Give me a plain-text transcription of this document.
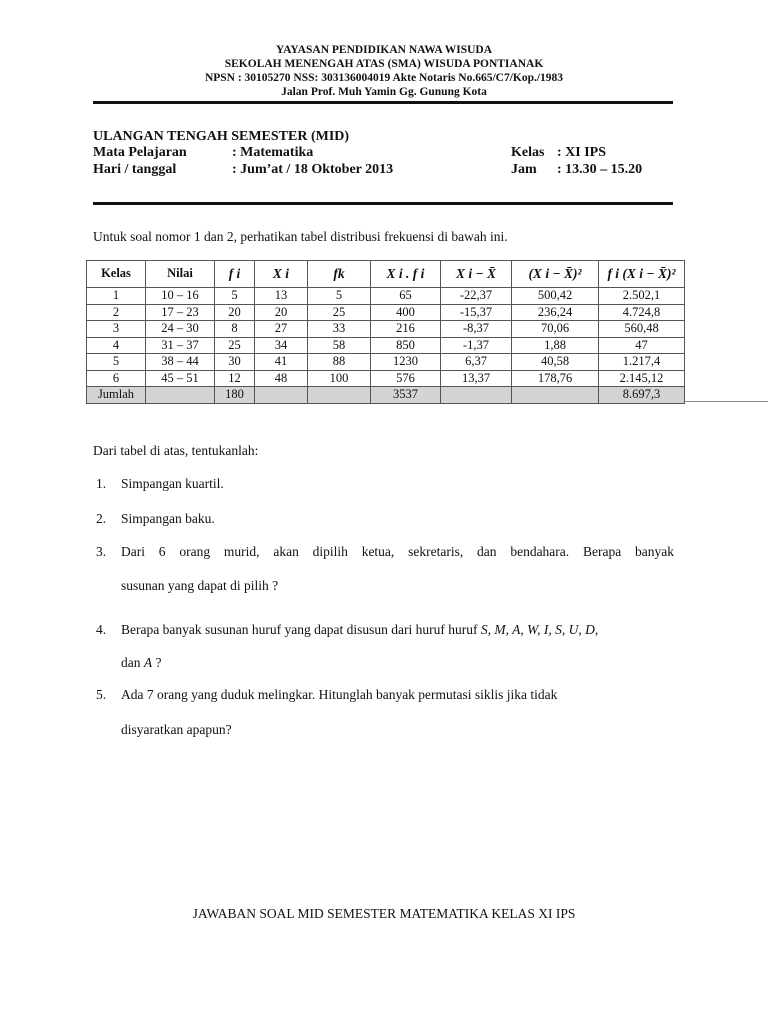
YAYASAN PENDIDIKAN NAWA WISUDA
SEKOLAH MENENGAH ATAS (SMA) WISUDA PONTIANAK
NPSN : 30105270 NSS: 303136004019 Akte Notaris No.665/C7/Kop./1983
Jalan Prof. Muh Yamin Gg. Gunung Kota
ULANGAN TENGAH SEMESTER (MID)
Mata Pelajaran	: Matematika	Kelas : XI IPS
Hari / tanggal	: Jum’at / 18 Oktober 2013	Jam : 13.30 – 15.20
Untuk soal nomor 1 dan 2, perhatikan tabel distribusi frekuensi di bawah ini.
Kelas	Nilai	f i	X i	fk	X i . f i	X i − X̄	(X i − X̄)²	f i (X i − X̄)²
1	10 – 16	5	13	5	65	-22,37	500,42	2.502,1
2	17 – 23	20	20	25	400	-15,37	236,24	4.724,8
3	24 – 30	8	27	33	216	-8,37	70,06	560,48
4	31 – 37	25	34	58	850	-1,37	1,88	47
5	38 – 44	30	41	88	1230	6,37	40,58	1.217,4
6	45 – 51	12	48	100	576	13,37	178,76	2.145,12
Jumlah		180			3537			8.697,3
Dari tabel di atas, tentukanlah:
1. Simpangan kuartil.
2. Simpangan baku.
3. Dari 6 orang murid, akan dipilih ketua, sekretaris, dan bendahara. Berapa banyak
susunan yang dapat di pilih ?
4. Berapa banyak susunan huruf yang dapat disusun dari huruf huruf S, M, A, W, I, S, U, D,
dan A ?
5. Ada 7 orang yang duduk melingkar. Hitunglah banyak permutasi siklis jika tidak
disyaratkan apapun?
JAWABAN SOAL MID SEMESTER MATEMATIKA KELAS XI IPS
